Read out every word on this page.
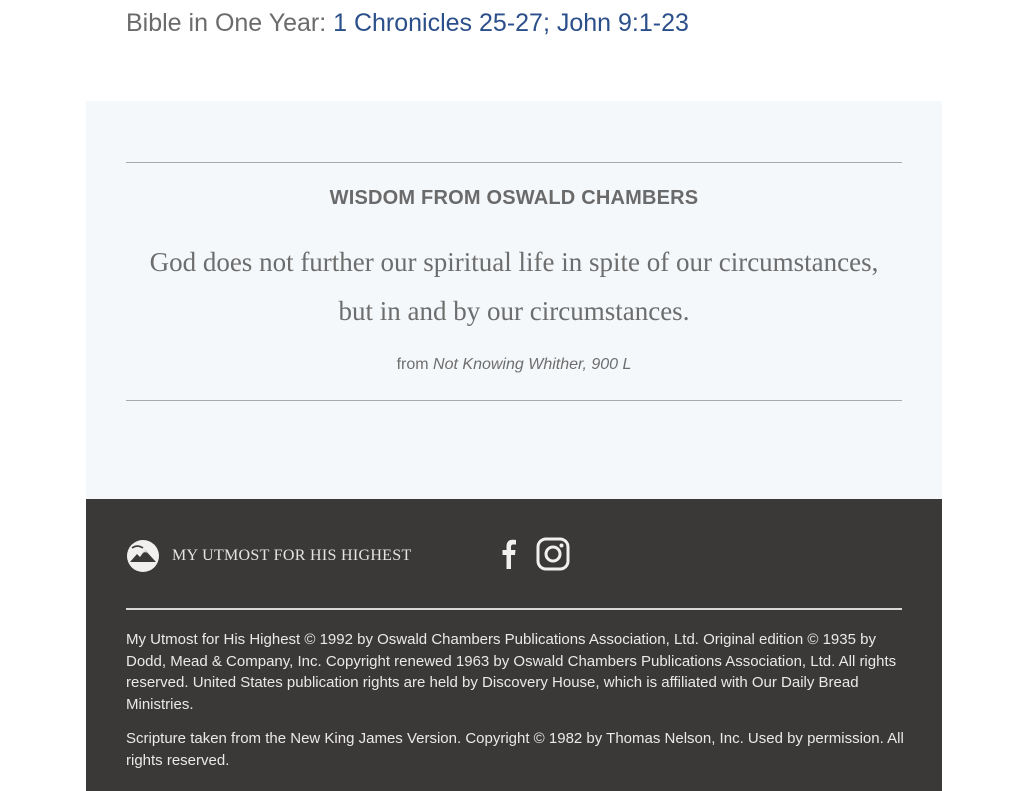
Bible in One Year: 1 Chronicles 25-27; John 9:1-23
WISDOM FROM OSWALD CHAMBERS

God does not further our spiritual life in spite of our circumstances, but in and by our circumstances.

from Not Knowing Whither, 900 L

MY UTMOST FOR HIS HIGHEST

My Utmost for His Highest © 1992 by Oswald Chambers Publications Association, Ltd. Original edition © 1935 by Dodd, Mead & Company, Inc. Copyright renewed 1963 by Oswald Chambers Publications Association, Ltd. All rights reserved. United States publication rights are held by Discovery House, which is affiliated with Our Daily Bread Ministries.

Scripture taken from the New King James Version. Copyright © 1982 by Thomas Nelson, Inc. Used by permission. All rights reserved.
